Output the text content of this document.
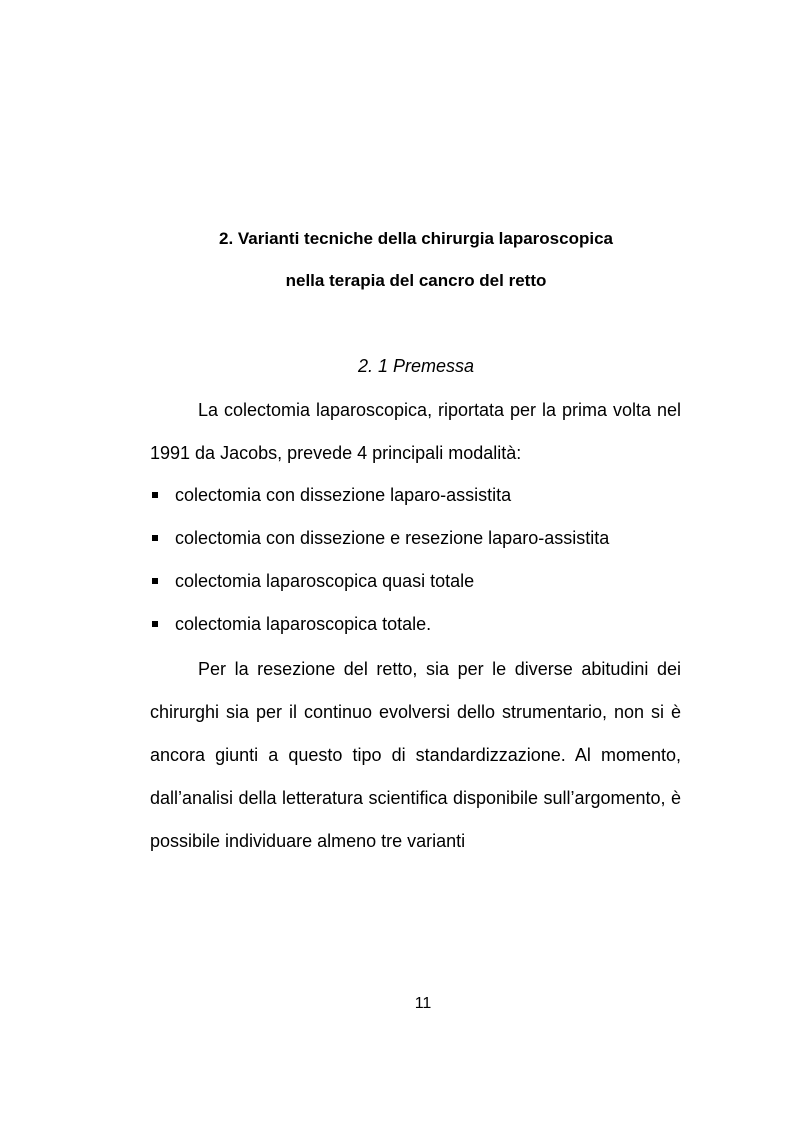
2. Varianti tecniche della chirurgia laparoscopica
nella terapia del cancro del retto
2. 1 Premessa

La colectomia laparoscopica, riportata per la prima volta nel 1991 da Jacobs, prevede 4 principali modalità:

colectomia con dissezione laparo-assistita
colectomia con dissezione e resezione laparo-assistita
colectomia laparoscopica quasi totale
colectomia laparoscopica totale.

Per la resezione del retto, sia per le diverse abitudini dei chirurghi sia per il continuo evolversi dello strumentario, non si è ancora giunti a questo tipo di standardizzazione. Al momento, dall’analisi della letteratura scientifica disponibile sull’argomento, è possibile individuare almeno tre varianti

11
